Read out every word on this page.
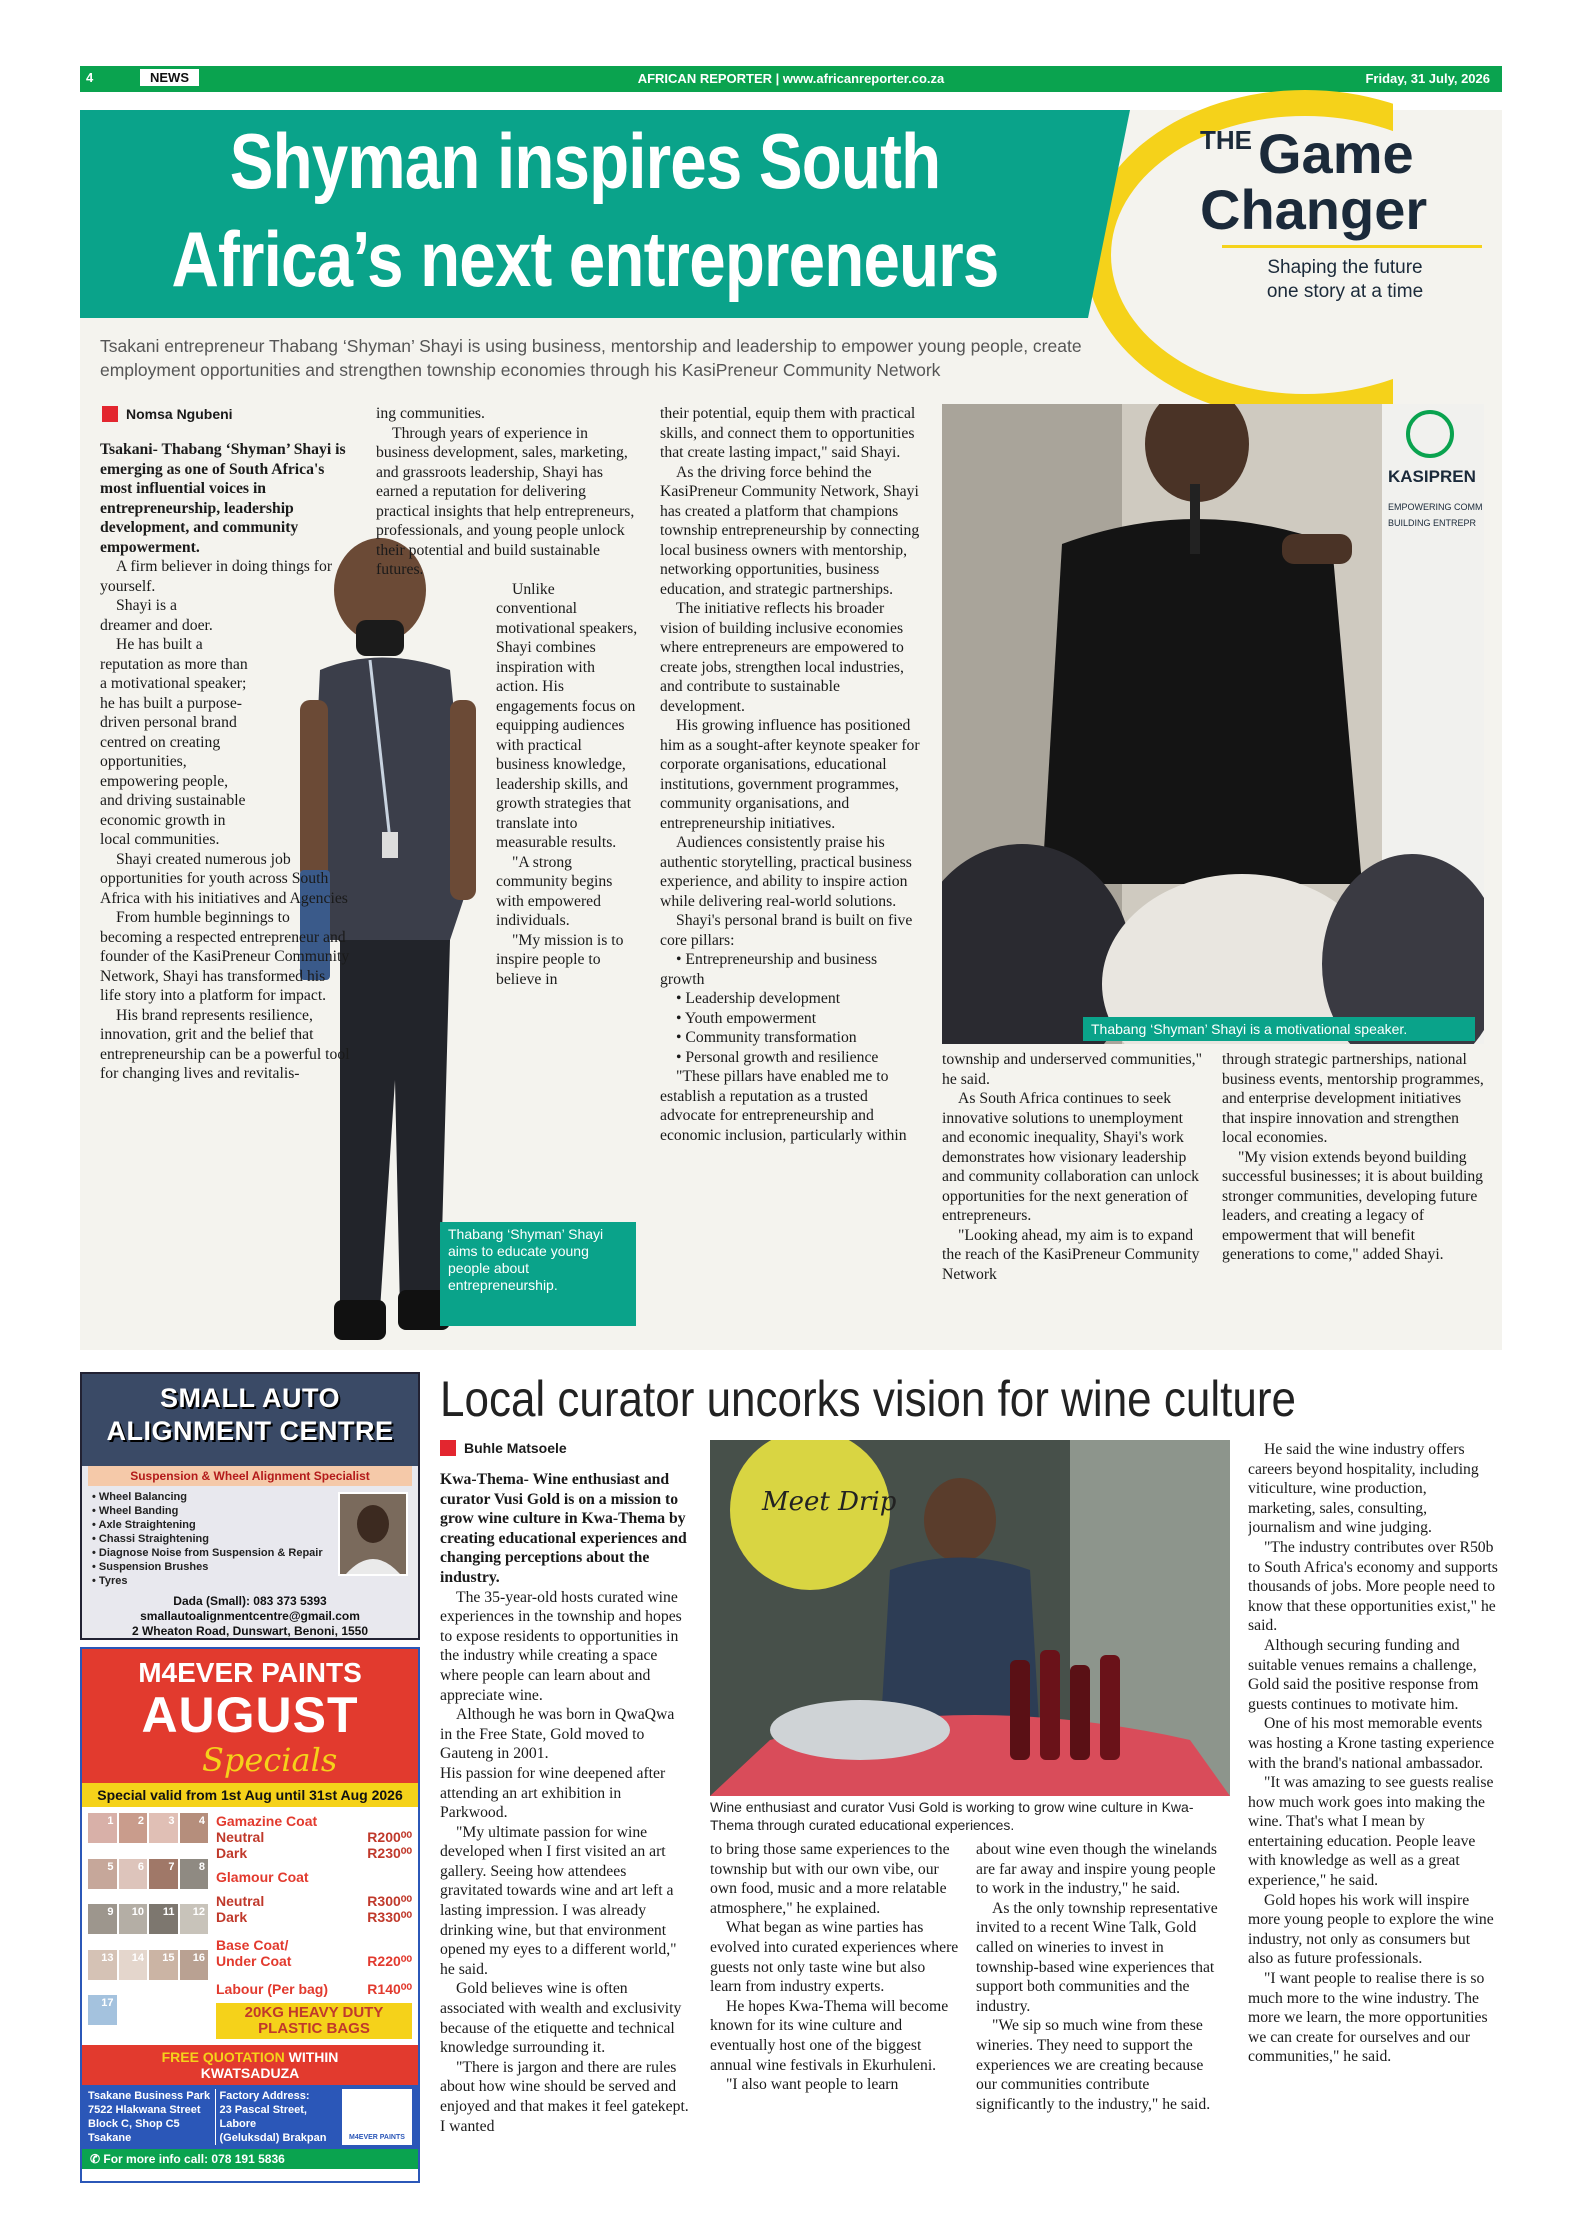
4	NEWS	AFRICAN REPORTER | www.africanreporter.co.za	Friday, 31 July, 2026
Shyman inspires South Africa’s next entrepreneurs
THE Game
Changer
Shaping the future
one story at a time
Tsakani entrepreneur Thabang ‘Shyman’ Shayi is using business, mentorship and leadership to empower young people, create employment opportunities and strengthen township economies through his KasiPreneur Community Network
Nomsa Ngubeni
Thabang ‘Shyman’ Shayi aims to educate young people about entrepreneurship.
KASIPREN
EMPOWERING COMM
BUILDING ENTREPR
Thabang ‘Shyman’ Shayi is a motivational speaker.

Tsakani- Thabang ‘Shyman’ Shayi is emerging as one of South Africa's most influential voices in entrepreneurship, leadership development, and community empowerment.

A firm believer in doing things for yourself.

Shayi is a dreamer and doer.

He has built a reputation as more than a motivational speaker; he has built a purpose-driven personal brand centred on creating opportunities, empowering people, and driving sustainable economic growth in local communities.

Shayi created numerous job opportunities for youth across South Africa with his initiatives and Agencies

From humble beginnings to becoming a respected entrepreneur and founder of the KasiPreneur Community Network, Shayi has transformed his life story into a platform for impact.

His brand represents resilience, innovation, grit and the belief that entrepreneurship can be a powerful tool for changing lives and revitalis-

ing communities.

Through years of experience in business development, sales, marketing, and grassroots leadership, Shayi has earned a reputation for delivering practical insights that help entrepreneurs, professionals, and young people unlock their potential and build sustainable futures.

Unlike conventional motivational speakers, Shayi combines inspiration with action. His engagements focus on equipping audiences with practical business knowledge, leadership skills, and growth strategies that translate into measurable results.

"A strong community begins with empowered individuals.

"My mission is to inspire people to believe in

their potential, equip them with practical skills, and connect them to opportunities that create lasting impact," said Shayi.

As the driving force behind the KasiPreneur Community Network, Shayi has created a platform that champions township entrepreneurship by connecting local business owners with mentorship, networking opportunities, business education, and strategic partnerships.

The initiative reflects his broader vision of building inclusive economies where entrepreneurs are empowered to create jobs, strengthen local industries, and contribute to sustainable development.

His growing influence has positioned him as a sought-after keynote speaker for corporate organisations, educational institutions, government programmes, community organisations, and entrepreneurship initiatives.

Audiences consistently praise his authentic storytelling, practical business experience, and ability to inspire action while delivering real-world solutions.

Shayi's personal brand is built on five core pillars:

• Entrepreneurship and business growth

• Leadership development

• Youth empowerment

• Community transformation

• Personal growth and resilience

"These pillars have enabled me to establish a reputation as a trusted advocate for entrepreneurship and economic inclusion, particularly within

township and underserved communities," he said.

As South Africa continues to seek innovative solutions to unemployment and economic inequality, Shayi's work demonstrates how visionary leadership and community collaboration can unlock opportunities for the next generation of entrepreneurs.

"Looking ahead, my aim is to expand the reach of the KasiPreneur Community Network

through strategic partnerships, national business events, mentorship programmes, and enterprise development initiatives that inspire innovation and strengthen local economies.

"My vision extends beyond building successful businesses; it is about building stronger communities, developing future leaders, and creating a legacy of empowerment that will benefit generations to come," added Shayi.

Local curator uncorks vision for wine culture
Buhle Matsoele
Meet Drip
Wine enthusiast and curator Vusi Gold is working to grow wine culture in Kwa-Thema through curated educational experiences.

Kwa-Thema- Wine enthusiast and curator Vusi Gold is on a mission to grow wine culture in Kwa-Thema by creating educational experiences and changing perceptions about the industry.

The 35-year-old hosts curated wine experiences in the township and hopes to expose residents to opportunities in the industry while creating a space where people can learn about and appreciate wine.

Although he was born in QwaQwa in the Free State, Gold moved to Gauteng in 2001.

His passion for wine deepened after attending an art exhibition in Parkwood.

"My ultimate passion for wine developed when I first visited an art gallery. Seeing how attendees gravitated towards wine and art left a lasting impression. I was already drinking wine, but that environment opened my eyes to a different world," he said.

Gold believes wine is often associated with wealth and exclusivity because of the etiquette and technical knowledge surrounding it.

"There is jargon and there are rules about how wine should be served and enjoyed and that makes it feel gatekept. I wanted

to bring those same experiences to the township but with our own vibe, our own food, music and a more relatable atmosphere," he explained.

What began as wine parties has evolved into curated experiences where guests not only taste wine but also learn from industry experts.

He hopes Kwa-Thema will become known for its wine culture and eventually host one of the biggest annual wine festivals in Ekurhuleni.

"I also want people to learn

about wine even though the winelands are far away and inspire young people to work in the industry," he said.

As the only township representative invited to a recent Wine Talk, Gold called on wineries to invest in township-based wine experiences that support both communities and the industry.

"We sip so much wine from these wineries. They need to support the experiences we are creating because our communities contribute significantly to the industry," he said.

He said the wine industry offers careers beyond hospitality, including viticulture, wine production, marketing, sales, consulting, journalism and wine judging.

"The industry contributes over R50b to South Africa's economy and supports thousands of jobs. More people need to know that these opportunities exist," he said.

Although securing funding and suitable venues remains a challenge, Gold said the positive response from guests continues to motivate him.

One of his most memorable events was hosting a Krone tasting experience with the brand's national ambassador.

"It was amazing to see guests realise how much work goes into making the wine. That's what I mean by entertaining education. People leave with knowledge as well as a great experience," he said.

Gold hopes his work will inspire more young people to explore the wine industry, not only as consumers but also as future professionals.

"I want people to realise there is so much more to the wine industry. The more we learn, the more opportunities we can create for ourselves and our communities," he said.

SMALL AUTO
ALIGNMENT CENTRE
Suspension & Wheel Alignment Specialist
• Wheel Balancing
• Wheel Banding
• Axle Straightening
• Chassi Straightening
• Diagnose Noise from Suspension & Repair
• Suspension Brushes
• Tyres
Dada (Small): 083 373 5393
smallautoalignmentcentre@gmail.com
2 Wheaton Road, Dunswart, Benoni, 1550
M4EVER PAINTS
AUGUST
Specials
Special valid from 1st Aug until 31st Aug 2026
1	2	3	4
5	6	7	8
9	10	11	12
13	14	15	16
17
Gamazine Coat
Neutral	R200⁰⁰
Dark	R230⁰⁰
Glamour Coat
Neutral	R300⁰⁰
Dark	R330⁰⁰
Base Coat/
Under Coat	R220⁰⁰
Labour (Per bag)	R140⁰⁰
20KG HEAVY DUTY PLASTIC BAGS
FREE QUOTATION WITHIN
KWATSADUZA
Tsakane Business Park
7522 Hlakwana Street
Block C, Shop C5 Tsakane
Factory Address:
23 Pascal Street, Labore
(Geluksdal) Brakpan	M4EVER PAINTS
✆ For more info call: 078 191 5836
